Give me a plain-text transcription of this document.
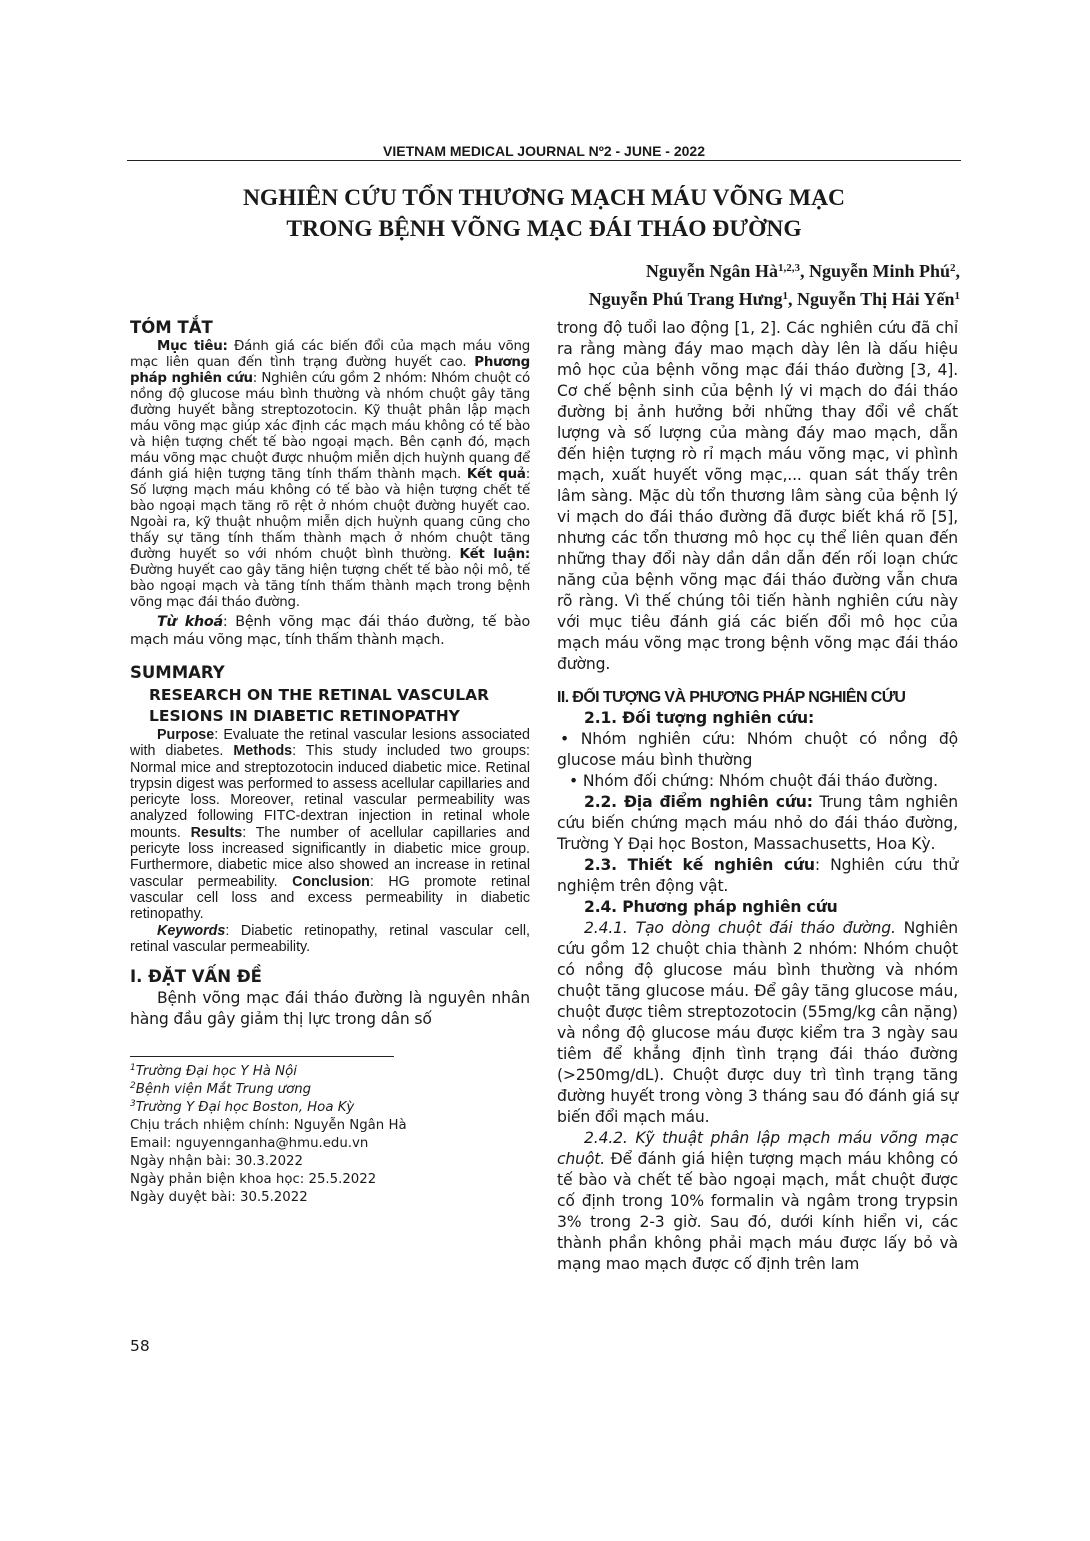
VIETNAM MEDICAL JOURNAL Nº2 - JUNE - 2022
NGHIÊN CỨU TỔN THƯƠNG MẠCH MÁU VÕNG MẠC
TRONG BỆNH VÕNG MẠC ĐÁI THÁO ĐƯỜNG
Nguyễn Ngân Hà$^{1,2,3}$, Nguyễn Minh Phú$^2$,
Nguyễn Phú Trang Hưng$^1$, Nguyễn Thị Hải Yến$^1$
TÓM TẮT

Mục tiêu: Đánh giá các biến đổi của mạch máu võng mạc liên quan đến tình trạng đường huyết cao. Phương pháp nghiên cứu: Nghiên cứu gồm 2 nhóm: Nhóm chuột có nồng độ glucose máu bình thường và nhóm chuột gây tăng đường huyết bằng streptozotocin. Kỹ thuật phân lập mạch máu võng mạc giúp xác định các mạch máu không có tế bào và hiện tượng chết tế bào ngoại mạch. Bên cạnh đó, mạch máu võng mạc chuột được nhuộm miễn dịch huỳnh quang để đánh giá hiện tượng tăng tính thấm thành mạch. Kết quả: Số lượng mạch máu không có tế bào và hiện tượng chết tế bào ngoại mạch tăng rõ rệt ở nhóm chuột đường huyết cao. Ngoài ra, kỹ thuật nhuộm miễn dịch huỳnh quang cũng cho thấy sự tăng tính thấm thành mạch ở nhóm chuột tăng đường huyết so với nhóm chuột bình thường. Kết luận: Đường huyết cao gây tăng hiện tượng chết tế bào nội mô, tế bào ngoại mạch và tăng tính thấm thành mạch trong bệnh võng mạc đái tháo đường.

Từ khoá: Bệnh võng mạc đái tháo đường, tế bào mạch máu võng mạc, tính thấm thành mạch.

SUMMARY
RESEARCH ON THE RETINAL VASCULAR
LESIONS IN DIABETIC RETINOPATHY

Purpose: Evaluate the retinal vascular lesions associated with diabetes. Methods: This study included two groups: Normal mice and streptozotocin induced diabetic mice. Retinal trypsin digest was performed to assess acellular capillaries and pericyte loss. Moreover, retinal vascular permeability was analyzed following FITC-dextran injection in retinal whole mounts. Results: The number of acellular capillaries and pericyte loss increased significantly in diabetic mice group. Furthermore, diabetic mice also showed an increase in retinal vascular permeability. Conclusion: HG promote retinal vascular cell loss and excess permeability in diabetic retinopathy.

Keywords: Diabetic retinopathy, retinal vascular cell, retinal vascular permeability.

I. ĐẶT VẤN ĐỀ

Bệnh võng mạc đái tháo đường là nguyên nhân hàng đầu gây giảm thị lực trong dân số

$^1$Trường Đại học Y Hà Nội
$^2$Bệnh viện Mắt Trung ương
$^3$Trường Y Đại học Boston, Hoa Kỳ
Chịu trách nhiệm chính: Nguyễn Ngân Hà
Email: nguyennganha@hmu.edu.vn
Ngày nhận bài: 30.3.2022
Ngày phản biện khoa học: 25.5.2022
Ngày duyệt bài: 30.5.2022

trong độ tuổi lao động [1, 2]. Các nghiên cứu đã chỉ ra rằng màng đáy mao mạch dày lên là dấu hiệu mô học của bệnh võng mạc đái tháo đường [3, 4]. Cơ chế bệnh sinh của bệnh lý vi mạch do đái tháo đường bị ảnh hưởng bởi những thay đổi về chất lượng và số lượng của màng đáy mao mạch, dẫn đến hiện tượng rò rỉ mạch máu võng mạc, vi phình mạch, xuất huyết võng mạc,... quan sát thấy trên lâm sàng. Mặc dù tổn thương lâm sàng của bệnh lý vi mạch do đái tháo đường đã được biết khá rõ [5], nhưng các tổn thương mô học cụ thể liên quan đến những thay đổi này dần dần dẫn đến rối loạn chức năng của bệnh võng mạc đái tháo đường vẫn chưa rõ ràng. Vì thế chúng tôi tiến hành nghiên cứu này với mục tiêu đánh giá các biến đổi mô học của mạch máu võng mạc trong bệnh võng mạc đái tháo đường.

II. ĐỐI TƯỢNG VÀ PHƯƠNG PHÁP NGHIÊN CỨU
2.1. Đối tượng nghiên cứu:

• Nhóm nghiên cứu: Nhóm chuột có nồng độ glucose máu bình thường

• Nhóm đối chứng: Nhóm chuột đái tháo đường.

2.2. Địa điểm nghiên cứu: Trung tâm nghiên cứu biến chứng mạch máu nhỏ do đái tháo đường, Trường Y Đại học Boston, Massachusetts, Hoa Kỳ.

2.3. Thiết kế nghiên cứu: Nghiên cứu thử nghiệm trên động vật.

2.4. Phương pháp nghiên cứu

2.4.1. Tạo dòng chuột đái tháo đường. Nghiên cứu gồm 12 chuột chia thành 2 nhóm: Nhóm chuột có nồng độ glucose máu bình thường và nhóm chuột tăng glucose máu. Để gây tăng glucose máu, chuột được tiêm streptozotocin (55mg/kg cân nặng) và nồng độ glucose máu được kiểm tra 3 ngày sau tiêm để khẳng định tình trạng đái tháo đường (>250mg/dL). Chuột được duy trì tình trạng tăng đường huyết trong vòng 3 tháng sau đó đánh giá sự biến đổi mạch máu.

2.4.2. Kỹ thuật phân lập mạch máu võng mạc chuột. Để đánh giá hiện tượng mạch máu không có tế bào và chết tế bào ngoại mạch, mắt chuột được cố định trong 10% formalin và ngâm trong trypsin 3% trong 2-3 giờ. Sau đó, dưới kính hiển vi, các thành phần không phải mạch máu được lấy bỏ và mạng mao mạch được cố định trên lam

58
